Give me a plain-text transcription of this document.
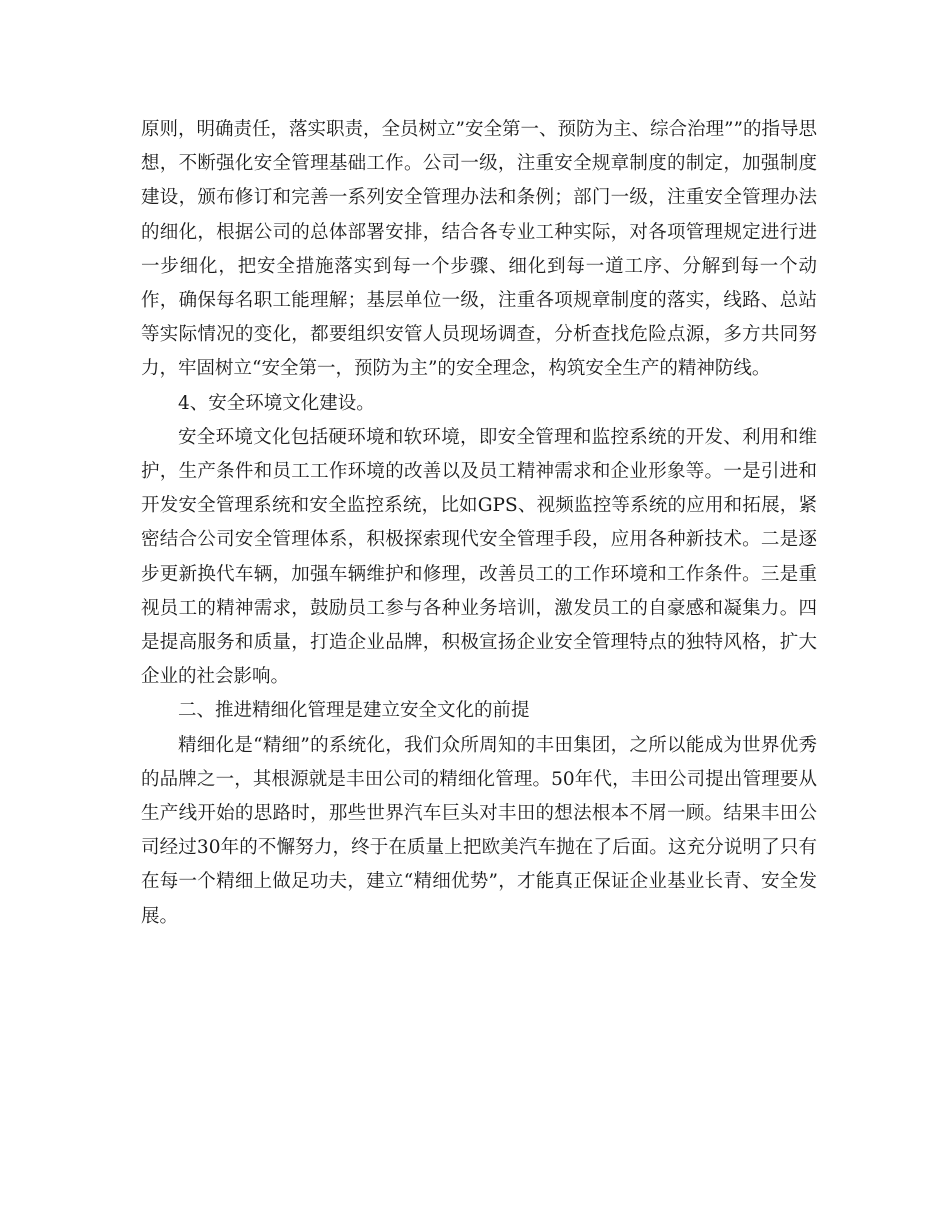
原则，明确责任，落实职责，全员树立”安全第一、预防为主、综合治理””的指导思想，不断强化安全管理基础工作。公司一级，注重安全规章制度的制定，加强制度建设，颁布修订和完善一系列安全管理办法和条例；部门一级，注重安全管理办法的细化，根据公司的总体部署安排，结合各专业工种实际，对各项管理规定进行进一步细化，把安全措施落实到每一个步骤、细化到每一道工序、分解到每一个动作，确保每名职工能理解；基层单位一级，注重各项规章制度的落实，线路、总站等实际情况的变化，都要组织安管人员现场调查，分析查找危险点源，多方共同努力，牢固树立“安全第一，预防为主”的安全理念，构筑安全生产的精神防线。

4、安全环境文化建设。

安全环境文化包括硬环境和软环境，即安全管理和监控系统的开发、利用和维护，生产条件和员工工作环境的改善以及员工精神需求和企业形象等。一是引进和开发安全管理系统和安全监控系统，比如GPS、视频监控等系统的应用和拓展，紧密结合公司安全管理体系，积极探索现代安全管理手段，应用各种新技术。二是逐步更新换代车辆，加强车辆维护和修理，改善员工的工作环境和工作条件。三是重视员工的精神需求，鼓励员工参与各种业务培训，激发员工的自豪感和凝集力。四是提高服务和质量，打造企业品牌，积极宣扬企业安全管理特点的独特风格，扩大企业的社会影响。

二、推进精细化管理是建立安全文化的前提

精细化是“精细”的系统化，我们众所周知的丰田集团，之所以能成为世界优秀的品牌之一，其根源就是丰田公司的精细化管理。50年代，丰田公司提出管理要从生产线开始的思路时，那些世界汽车巨头对丰田的想法根本不屑一顾。结果丰田公司经过30年的不懈努力，终于在质量上把欧美汽车抛在了后面。这充分说明了只有在每一个精细上做足功夫，建立“精细优势”，才能真正保证企业基业长青、安全发展。
